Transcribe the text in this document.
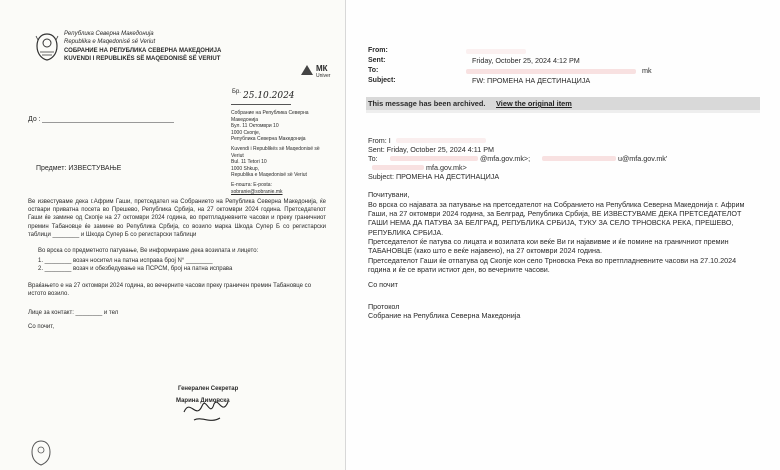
Република Северна Македонија
Republika e Maqedonisë së Veriut
СОБРАНИЕ НА РЕПУБЛИКА СЕВЕРНА МАКЕДОНИЈА
KUVENDI I REPUBLIKËS SË MAQEDONISË SË VERIUT
МК
Univer
Бр. 25.10.2024
До :
Собрание на Република Северна
Македонија
Бул. 11 Октомври 10
1000 Скопје,
Република Северна Македонија
Kuvendi i Republikës së Maqedonisë së
Veriut
Bul. 11 Tetori 10
1000 Shkup,
Republika e Maqedonisë së Veriut
Е-пошта: Е-posta:
sobranie@sobranie.mk
Предмет: ИЗВЕСТУВАЊЕ
Ве известуваме дека г.Африм Гаши, претседател на Собранието на Република Северна Македонија, ќе оствари приватна посета во Прешево, Република Србија, на 27 октомври 2024 година. Претседателот Гаши ќе замине од Скопје на 27 октомври 2024 година, во претпладневните часови и преку граничниот премин Табановце ќе замине во Република Србија, со возило марка Шкода Супер Б со регистарски таблици ________ и Шкода Супер Б со регистарски таблици
Во врска со предметното патување, Ве информираме дека возилата и лицето:
1. ________ возач носител на патна исправа број N° ________
2. ________ возач и обезбедување на ПСРСМ, број на патна исправа
Враќањето е на 27 октомври 2024 година, во вечерните часови преку граничен премин Табановце со истото возило.
Лице за контакт: ________ и тел
Со почит,
Генерален Секретар
Марина Димовска
From:
Sent:	Friday, October 25, 2024 4:12 PM
To:	mk
Subject:	FW: ПРОМЕНА НА ДЕСТИНАЦИЈА
This message has been archived. View the original item
From: I
Sent: Friday, October 25, 2024 4:11 PM
To:	@mfa.gov.mk>;	u@mfa.gov.mk'
mfa.gov.mk>
Subject: ПРОМЕНА НА ДЕСТИНАЦИЈА
Почитувани,
Во врска со најавата за патување на претседателот на Собранието на Република Северна Македонија г. Африм Гаши, на 27 октомври 2024 година, за Белград, Република Србија, ВЕ ИЗВЕСТУВАМЕ ДЕКА ПРЕТСЕДАТЕЛОТ ГАШИ НЕМА ДА ПАТУВА ЗА БЕЛГРАД, РЕПУБЛИКА СРБИЈА, ТУКУ ЗА СЕЛО ТРНОВСКА РЕКА, ПРЕШЕВО, РЕПУБЛИКА СРБИЈА.
Претседателот ќе патува со лицата и возилата кои веќе Ви ги најавивме и ќе помине на граничниот премин ТАБАНОВЦЕ (како што е веќе најавено), на 27 октомври 2024 година.
Претседателот Гаши ќе отпатува од Скопје кон село Трновска Река во претпладневните часови на 27.10.2024 година и ќе се врати истиот ден, во вечерните часови.
Со почит
Протокол
Собрание на Република Северна Македонија
